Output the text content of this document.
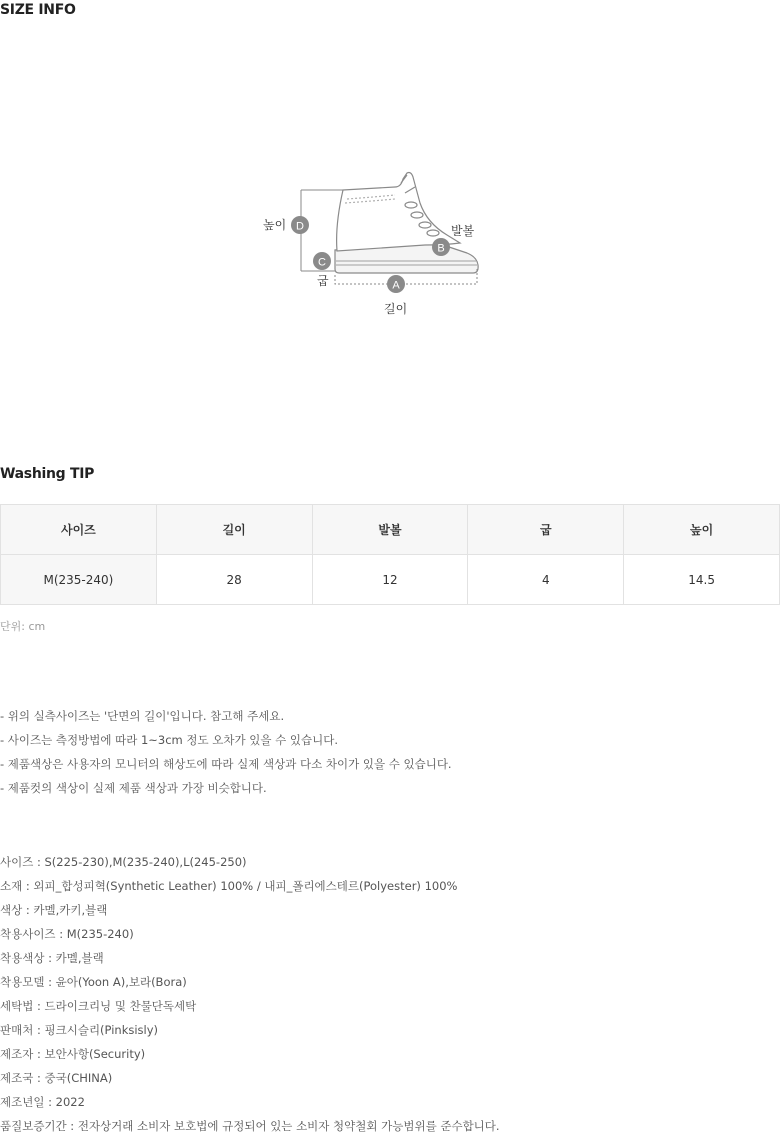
SIZE INFO
D
높이
C
굽
B
발볼
A
길이
Washing TIP
사이즈	길이	발볼	굽	높이
M(235-240)	28	12	4	14.5
단위: cm
- 위의 실측사이즈는 '단면의 길이'입니다. 참고해 주세요.
- 사이즈는 측정방법에 따라 1~3cm 정도 오차가 있을 수 있습니다.
- 제품색상은 사용자의 모니터의 해상도에 따라 실제 색상과 다소 차이가 있을 수 있습니다.
- 제품컷의 색상이 실제 제품 색상과 가장 비슷합니다.
사이즈 : S(225-230),M(235-240),L(245-250)
소재 : 외피_합성피혁(Synthetic Leather) 100% / 내피_폴리에스테르(Polyester) 100%
색상 : 카멜,카키,블랙
착용사이즈 : M(235-240)
착용색상 : 카멜,블랙
착용모델 : 윤아(Yoon A),보라(Bora)
세탁법 : 드라이크리닝 및 찬물단독세탁
판매처 : 핑크시슬리(Pinksisly)
제조자 : 보안사항(Security)
제조국 : 중국(CHINA)
제조년일 : 2022
품질보증기간 : 전자상거래 소비자 보호법에 규정되어 있는 소비자 청약철회 가능범위를 준수합니다.
